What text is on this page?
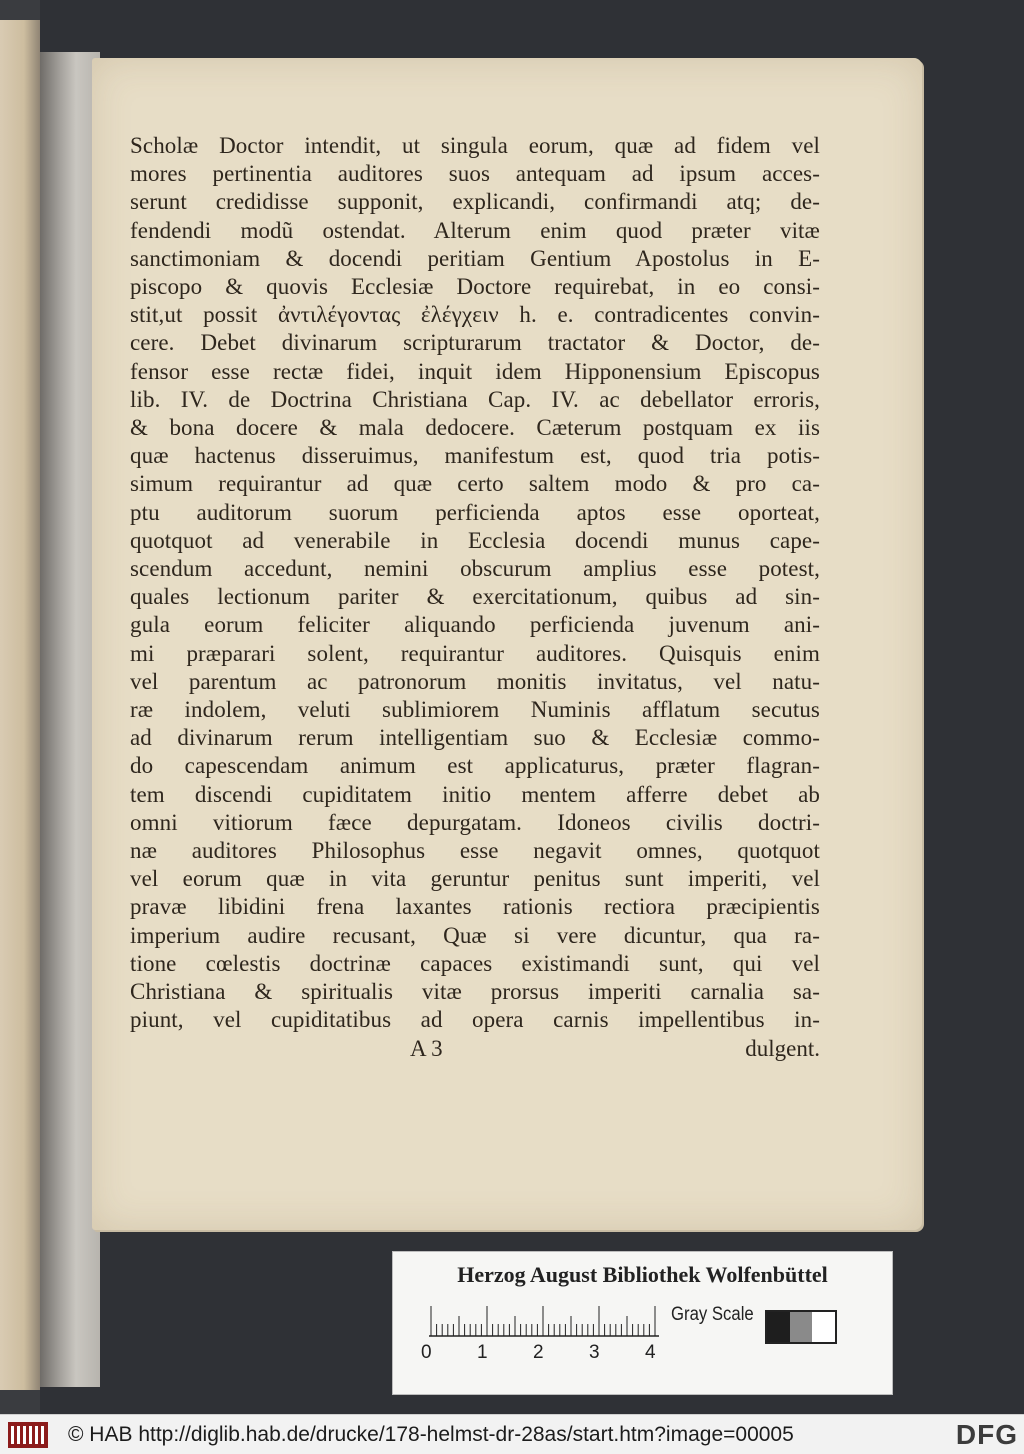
Scholæ Doctor intendit, ut singula eorum, quæ ad fidem vel
mores pertinentia auditores suos antequam ad ipsum acces-
serunt credidisse supponit, explicandi, confirmandi atq; de-
fendendi modũ ostendat. Alterum enim quod præter vitæ
sanctimoniam & docendi peritiam Gentium Apostolus in E-
piscopo & quovis Ecclesiæ Doctore requirebat, in eo consi-
stit,ut possit ἀντιλέγοντας ἐλέγχειν h. e. contradicentes convin-
cere. Debet divinarum scripturarum tractator & Doctor, de-
fensor esse rectæ fidei, inquit idem Hipponensium Episcopus
lib. IV. de Doctrina Christiana Cap. IV. ac debellator erroris,
& bona docere & mala dedocere. Cæterum postquam ex iis
quæ hactenus disseruimus, manifestum est, quod tria potis-
simum requirantur ad quæ certo saltem modo & pro ca-
ptu auditorum suorum perficienda aptos esse oporteat,
quotquot ad venerabile in Ecclesia docendi munus cape-
scendum accedunt, nemini obscurum amplius esse potest,
quales lectionum pariter & exercitationum, quibus ad sin-
gula eorum feliciter aliquando perficienda juvenum ani-
mi præparari solent, requirantur auditores. Quisquis enim
vel parentum ac patronorum monitis invitatus, vel natu-
ræ indolem, veluti sublimiorem Numinis afflatum secutus
ad divinarum rerum intelligentiam suo & Ecclesiæ commo-
do capescendam animum est applicaturus, præter flagran-
tem discendi cupiditatem initio mentem afferre debet ab
omni vitiorum fæce depurgatam. Idoneos civilis doctri-
næ auditores Philosophus esse negavit omnes, quotquot
vel eorum quæ in vita geruntur penitus sunt imperiti, vel
pravæ libidini frena laxantes rationis rectiora præcipientis
imperium audire recusant, Quæ si vere dicuntur, qua ra-
tione cœlestis doctrinæ capaces existimandi sunt, qui vel
Christiana & spiritualis vitæ prorsus imperiti carnalia sa-
piunt, vel cupiditatibus ad opera carnis impellentibus in-
A 3	dulgent.
Herzog August Bibliothek Wolfenbüttel
0 1 2 3 4
Gray Scale
© HAB http://diglib.hab.de/drucke/178-helmst-dr-28as/start.htm?image=00005	DFG
